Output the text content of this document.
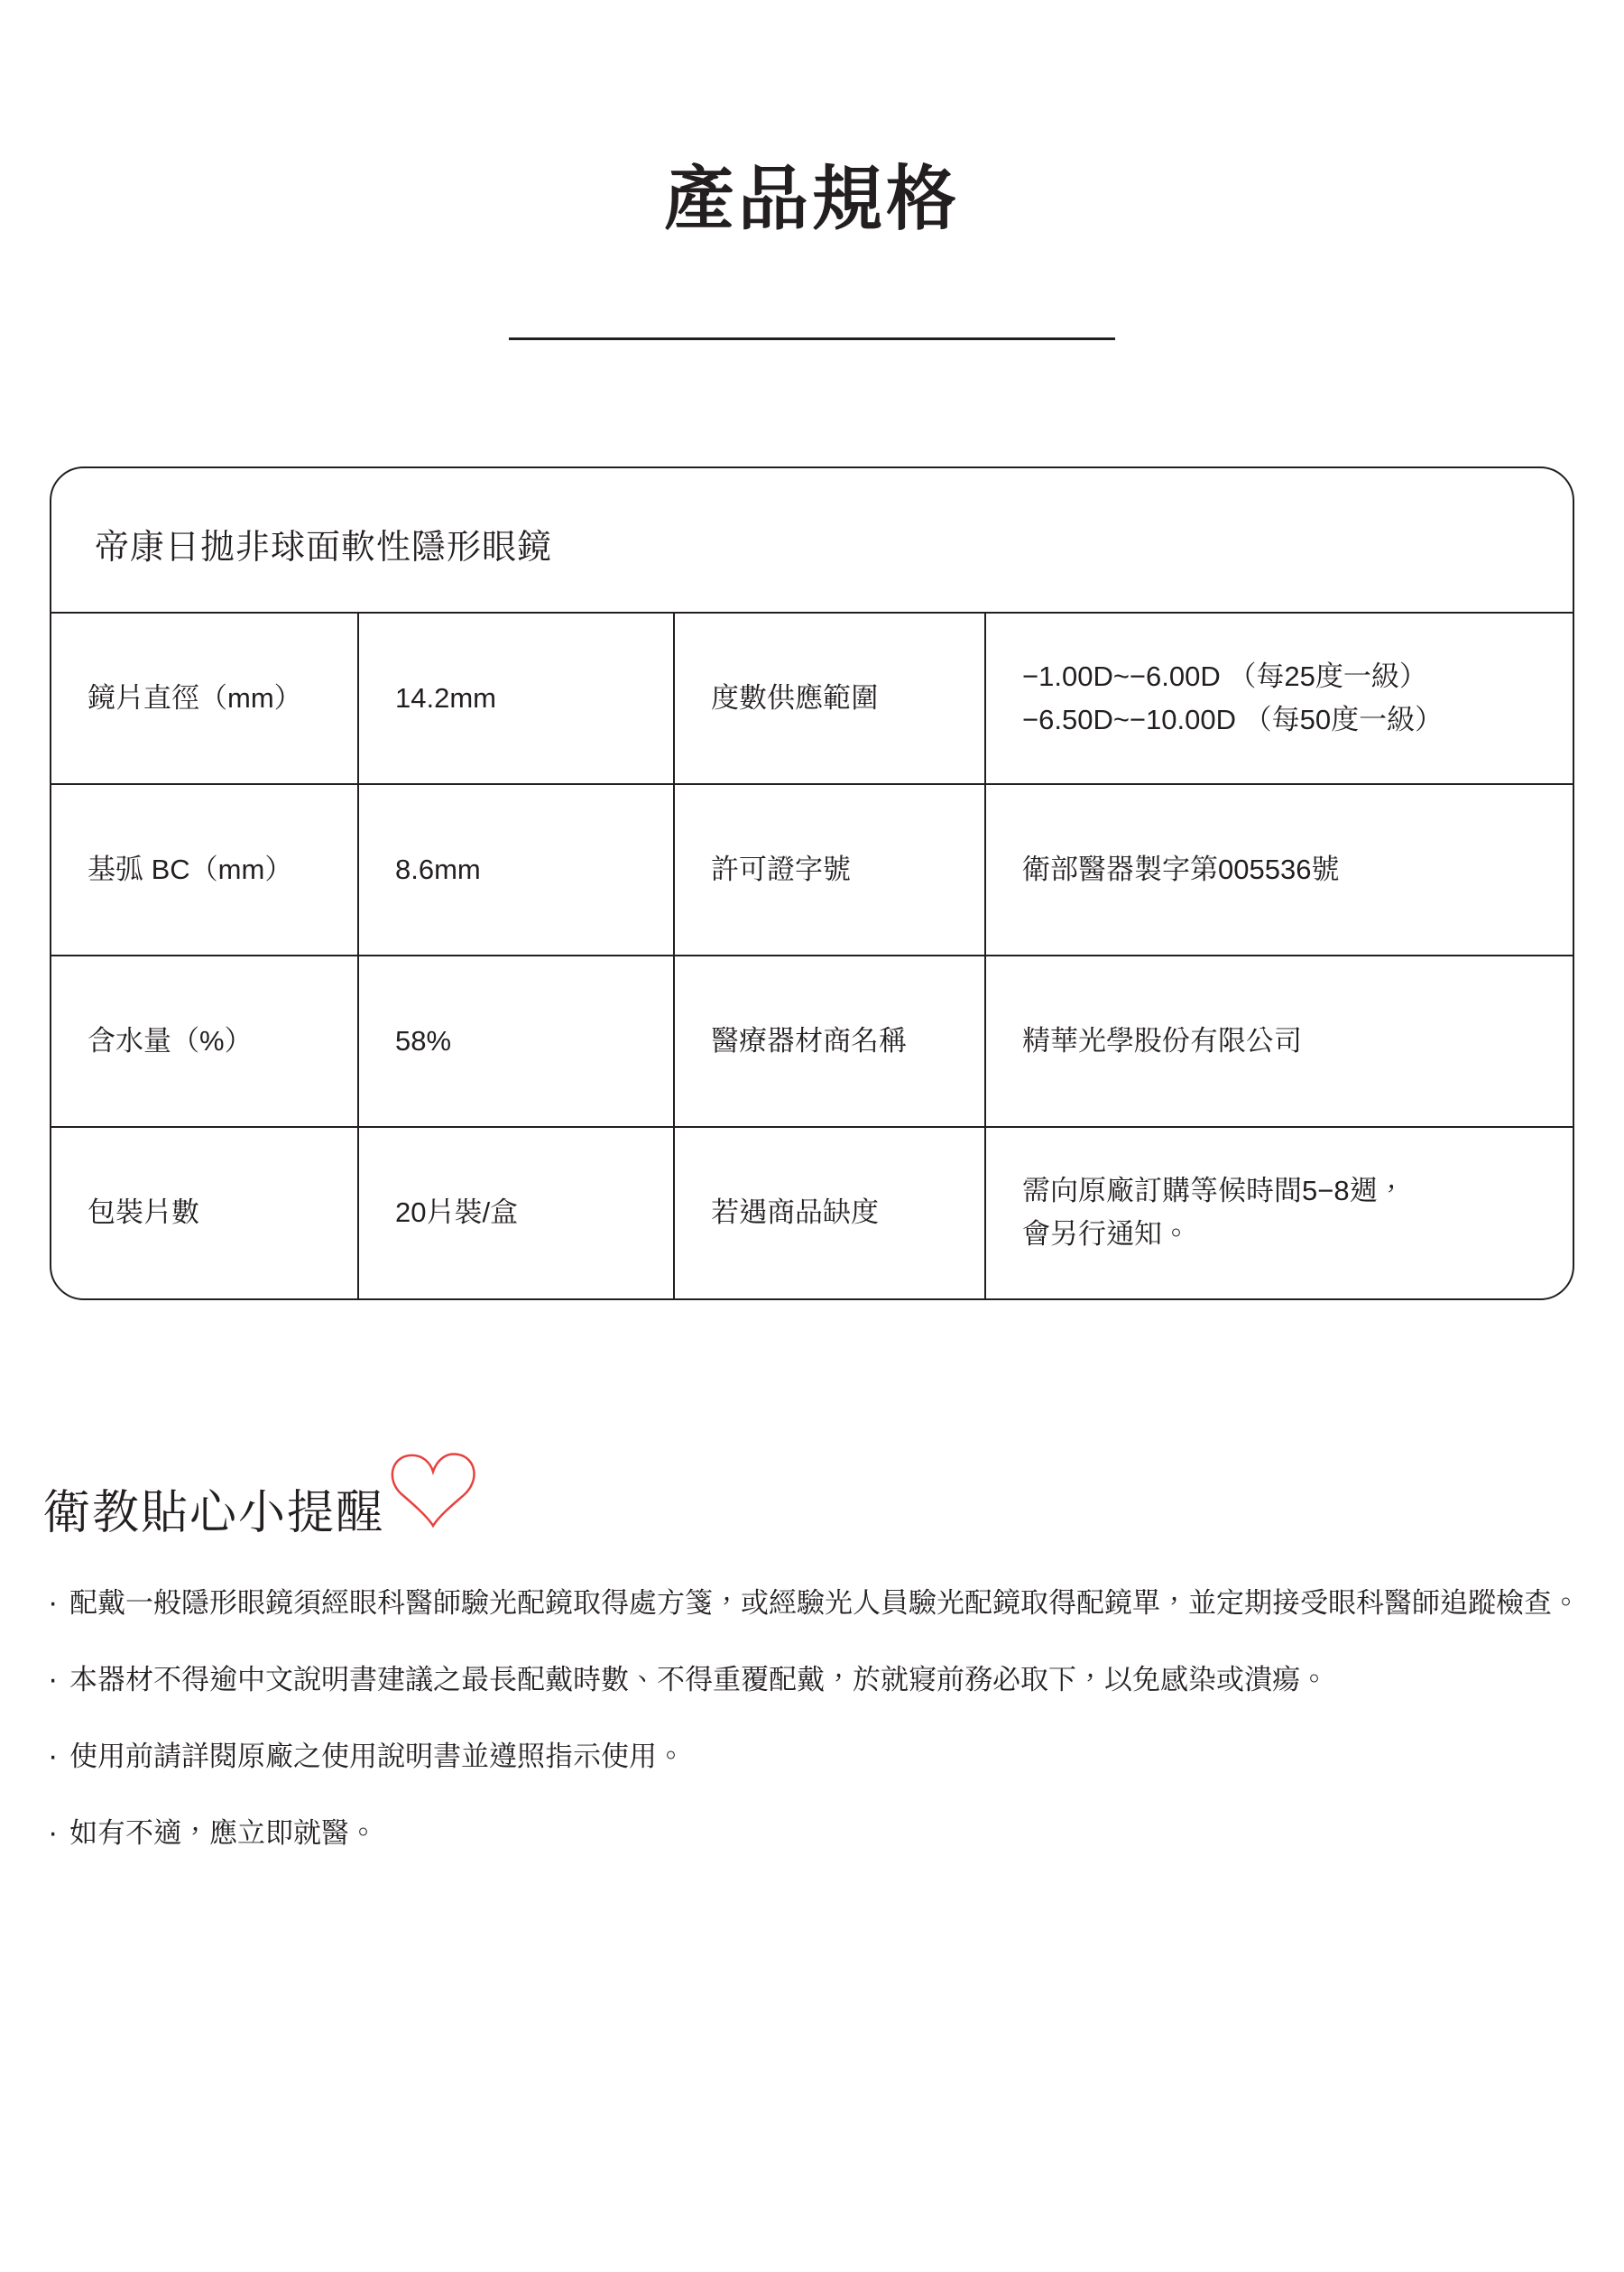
產品規格
帝康日拋非球面軟性隱形眼鏡
鏡片直徑（mm）	14.2mm	度數供應範圍	−1.00D~−6.00D （每25度一級）
−6.50D~−10.00D （每50度一級）

基弧 BC（mm）	8.6mm	許可證字號	衛部醫器製字第005536號

含水量（%）	58%	醫療器材商名稱	精華光學股份有限公司

包裝片數	20片裝/盒	若遇商品缺度	需向原廠訂購等候時間5−8週，
會另行通知。
衛教貼心小提醒
· 配戴一般隱形眼鏡須經眼科醫師驗光配鏡取得處方箋，或經驗光人員驗光配鏡取得配鏡單，並定期接受眼科醫師追蹤檢查。
· 本器材不得逾中文說明書建議之最長配戴時數、不得重覆配戴，於就寢前務必取下，以免感染或潰瘍。
· 使用前請詳閱原廠之使用說明書並遵照指示使用。
· 如有不適，應立即就醫。
